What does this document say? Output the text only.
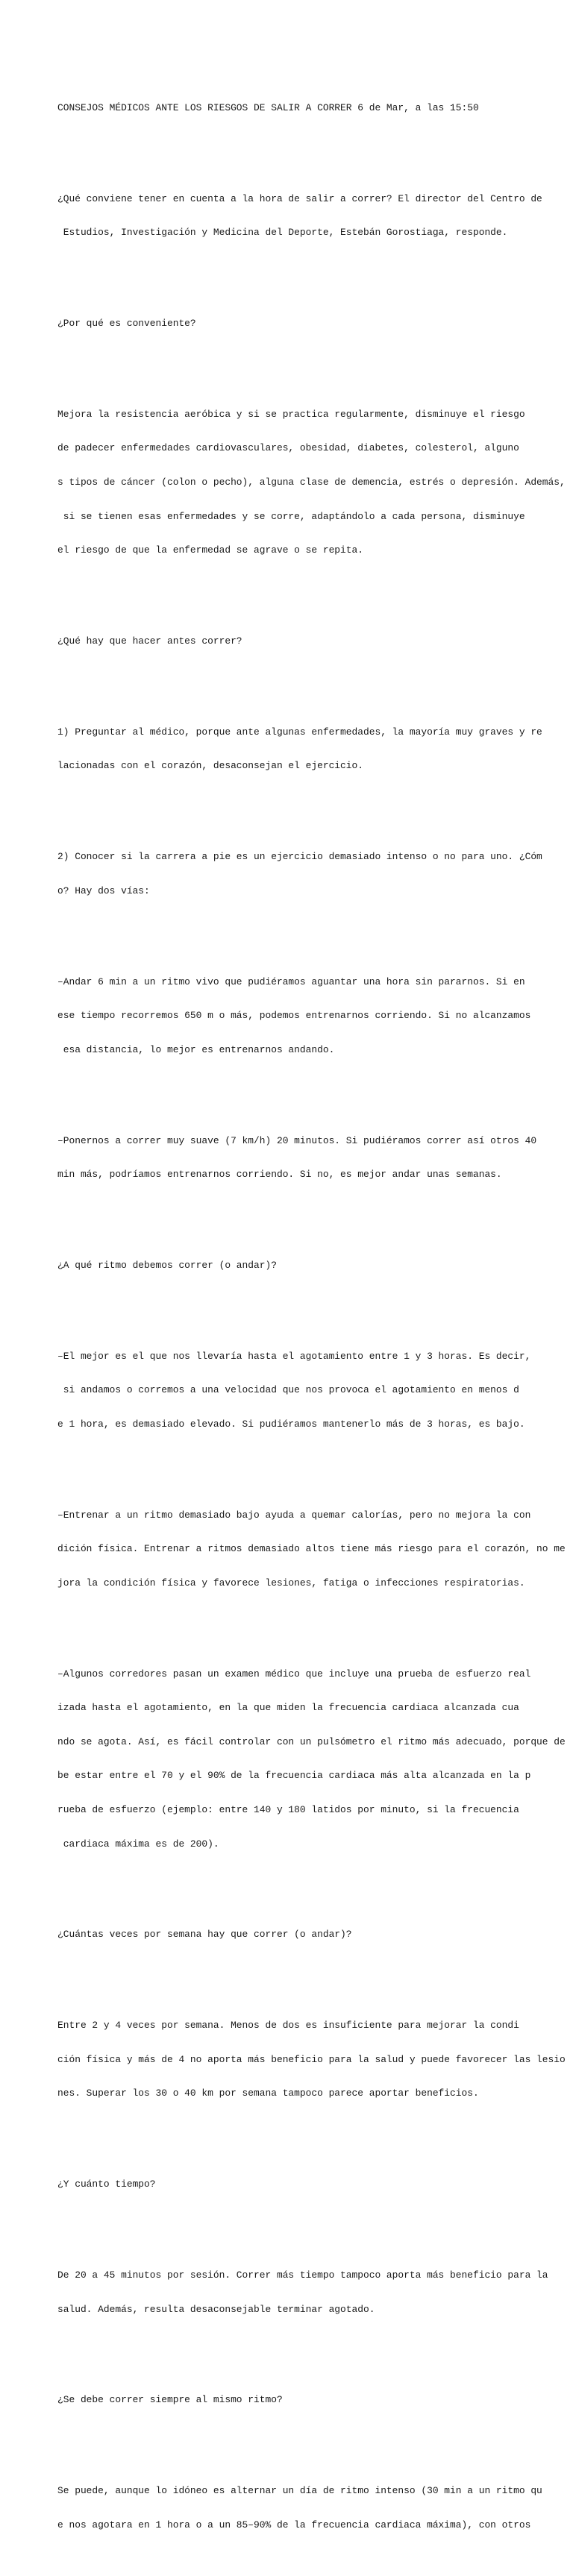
CONSEJOS MÉDICOS ANTE LOS RIESGOS DE SALIR A CORRER 6 de Mar, a las 15:50

¿Qué conviene tener en cuenta a la hora de salir a correr? El director del Centro de

Estudios, Investigación y Medicina del Deporte, Estebán Gorostiaga, responde.

¿Por qué es conveniente?

Mejora la resistencia aeróbica y si se practica regularmente, disminuye el riesgo

de padecer enfermedades cardiovasculares, obesidad, diabetes, colesterol, alguno

s tipos de cáncer (colon o pecho), alguna clase de demencia, estrés o depresión. Además,

si se tienen esas enfermedades y se corre, adaptándolo a cada persona, disminuye

el riesgo de que la enfermedad se agrave o se repita.

¿Qué hay que hacer antes correr?

1) Preguntar al médico, porque ante algunas enfermedades, la mayoría muy graves y re

lacionadas con el corazón, desaconsejan el ejercicio.

2) Conocer si la carrera a pie es un ejercicio demasiado intenso o no para uno. ¿Cóm

o? Hay dos vías:

–Andar 6 min a un ritmo vivo que pudiéramos aguantar una hora sin pararnos. Si en

ese tiempo recorremos 650 m o más, podemos entrenarnos corriendo. Si no alcanzamos

esa distancia, lo mejor es entrenarnos andando.

–Ponernos a correr muy suave (7 km/h) 20 minutos. Si pudiéramos correr así otros 40

min más, podríamos entrenarnos corriendo. Si no, es mejor andar unas semanas.

¿A qué ritmo debemos correr (o andar)?

–El mejor es el que nos llevaría hasta el agotamiento entre 1 y 3 horas. Es decir,

si andamos o corremos a una velocidad que nos provoca el agotamiento en menos d

e 1 hora, es demasiado elevado. Si pudiéramos mantenerlo más de 3 horas, es bajo.

–Entrenar a un ritmo demasiado bajo ayuda a quemar calorías, pero no mejora la con

dición física. Entrenar a ritmos demasiado altos tiene más riesgo para el corazón, no me

jora la condición física y favorece lesiones, fatiga o infecciones respiratorias.

–Algunos corredores pasan un examen médico que incluye una prueba de esfuerzo real

izada hasta el agotamiento, en la que miden la frecuencia cardiaca alcanzada cua

ndo se agota. Así, es fácil controlar con un pulsómetro el ritmo más adecuado, porque de

be estar entre el 70 y el 90% de la frecuencia cardiaca más alta alcanzada en la p

rueba de esfuerzo (ejemplo: entre 140 y 180 latidos por minuto, si la frecuencia

cardiaca máxima es de 200).

¿Cuántas veces por semana hay que correr (o andar)?

Entre 2 y 4 veces por semana. Menos de dos es insuficiente para mejorar la condi

ción física y más de 4 no aporta más beneficio para la salud y puede favorecer las lesio

nes. Superar los 30 o 40 km por semana tampoco parece aportar beneficios.

¿Y cuánto tiempo?

De 20 a 45 minutos por sesión. Correr más tiempo tampoco aporta más beneficio para la

salud. Además, resulta desaconsejable terminar agotado.

¿Se debe correr siempre al mismo ritmo?

Se puede, aunque lo idóneo es alternar un día de ritmo intenso (30 min a un ritmo qu

e nos agotara en 1 hora o a un 85–90% de la frecuencia cardiaca máxima), con otros
